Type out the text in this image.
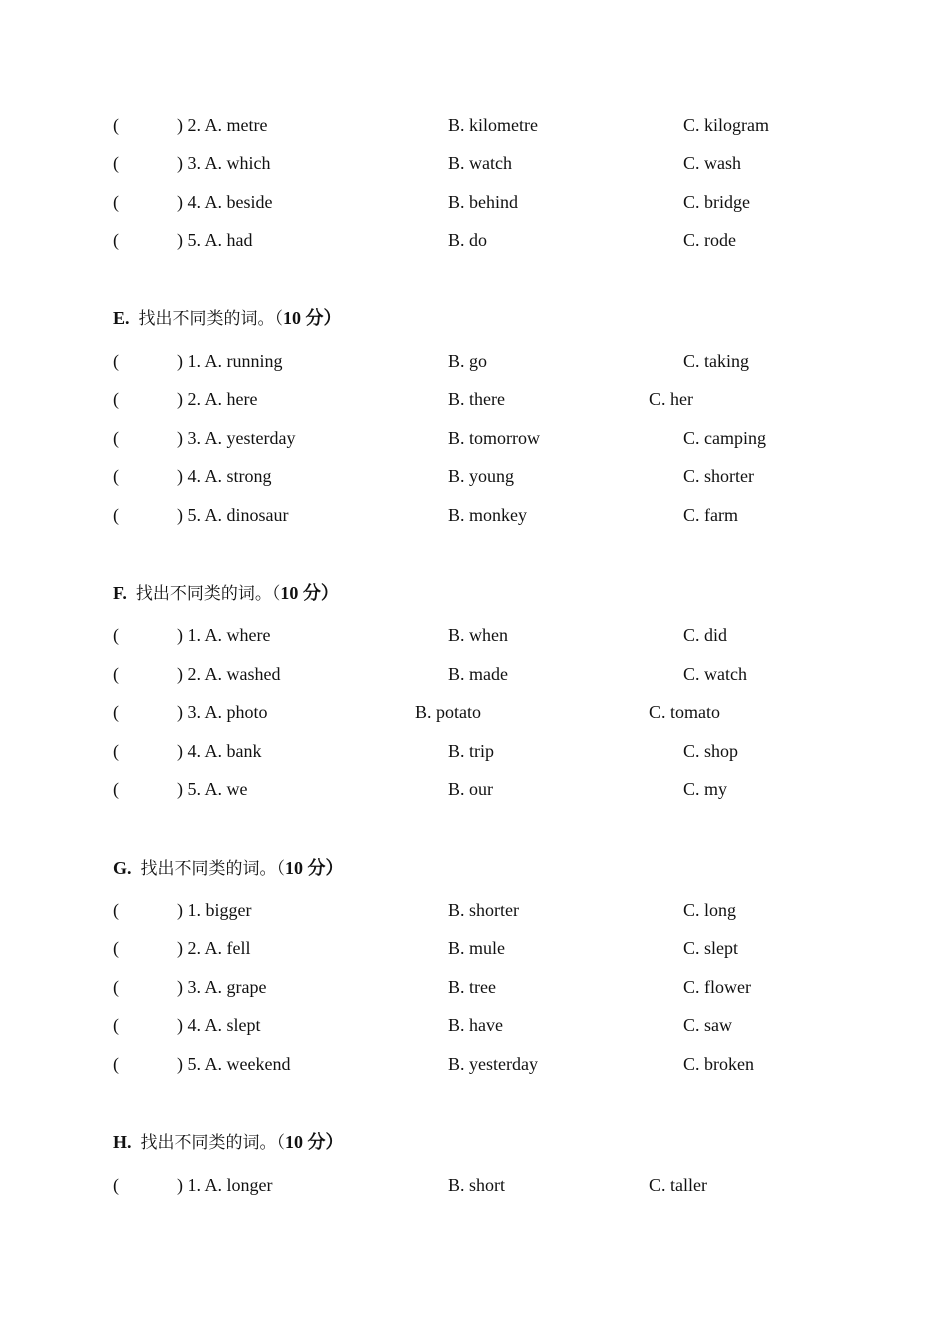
(	) 2. A. metre	B. kilometre	C. kilogram
(	) 3. A. which	B. watch	C. wash
(	) 4. A. beside	B. behind	C. bridge
(	) 5. A. had	B. do	C. rode
E. 找出不同类的词。（10 分）
(	) 1. A. running	B. go	C. taking
(	) 2. A. here	B. there	C. her
(	) 3. A. yesterday	B. tomorrow	C. camping
(	) 4. A. strong	B. young	C. shorter
(	) 5. A. dinosaur	B. monkey	C. farm
F. 找出不同类的词。（10 分）
(	) 1. A. where	B. when	C. did
(	) 2. A. washed	B. made	C. watch
(	) 3. A. photo	B. potato	C. tomato
(	) 4. A. bank	B. trip	C. shop
(	) 5. A. we	B. our	C. my
G. 找出不同类的词。（10 分）
(	) 1. bigger	B. shorter	C. long
(	) 2. A. fell	B. mule	C. slept
(	) 3. A. grape	B. tree	C. flower
(	) 4. A. slept	B. have	C. saw
(	) 5. A. weekend	B. yesterday	C. broken
H. 找出不同类的词。（10 分）
(	) 1. A. longer	B. short	C. taller
